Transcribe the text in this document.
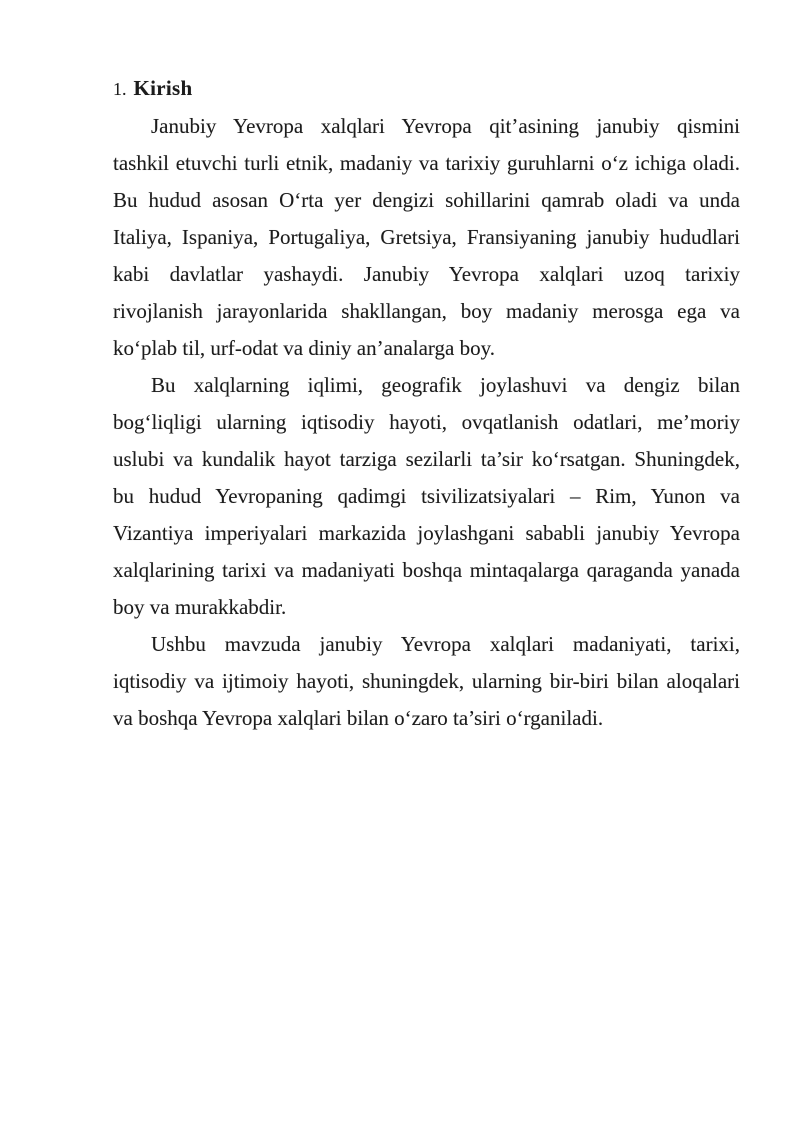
1. Kirish
Janubiy Yevropa xalqlari Yevropa qit’asining janubiy qismini
tashkil etuvchi turli etnik, madaniy va tarixiy guruhlarni oʻz ichiga oladi.
Bu hudud asosan Oʻrta yer dengizi sohillarini qamrab oladi va unda
Italiya, Ispaniya, Portugaliya, Gretsiya, Fransiyaning janubiy hududlari
kabi davlatlar yashaydi. Janubiy Yevropa xalqlari uzoq tarixiy
rivojlanish jarayonlarida shakllangan, boy madaniy merosga ega va
koʻplab til, urf-odat va diniy an’analarga boy.
Bu xalqlarning iqlimi, geografik joylashuvi va dengiz bilan
bogʻliqligi ularning iqtisodiy hayoti, ovqatlanish odatlari, me’moriy
uslubi va kundalik hayot tarziga sezilarli ta’sir koʻrsatgan. Shuningdek,
bu hudud Yevropaning qadimgi tsivilizatsiyalari – Rim, Yunon va
Vizantiya imperiyalari markazida joylashgani sababli janubiy Yevropa
xalqlarining tarixi va madaniyati boshqa mintaqalarga qaraganda yanada
boy va murakkabdir.
Ushbu mavzuda janubiy Yevropa xalqlari madaniyati, tarixi,
iqtisodiy va ijtimoiy hayoti, shuningdek, ularning bir-biri bilan aloqalari
va boshqa Yevropa xalqlari bilan oʻzaro ta’siri oʻrganiladi.
